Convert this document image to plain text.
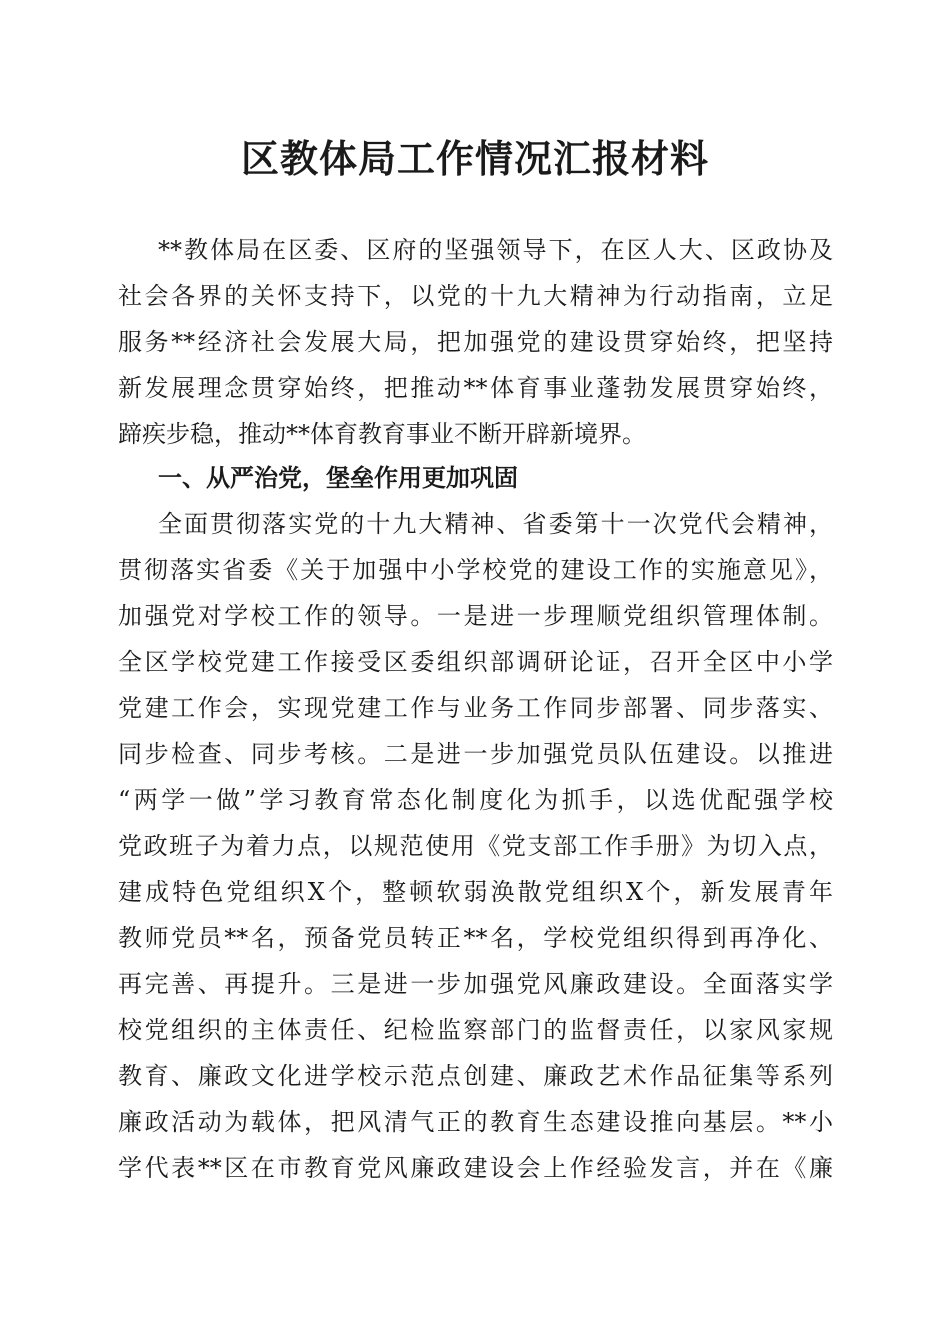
区教体局工作情况汇报材料

**教体局在区委、区府的坚强领导下，在区人大、区政协及

社会各界的关怀支持下，以党的十九大精神为行动指南，立足

服务**经济社会发展大局，把加强党的建设贯穿始终，把坚持

新发展理念贯穿始终，把推动**体育事业蓬勃发展贯穿始终，

蹄疾步稳，推动**体育教育事业不断开辟新境界。

一、从严治党，堡垒作用更加巩固

全面贯彻落实党的十九大精神、省委第十一次党代会精神，

贯彻落实省委《关于加强中小学校党的建设工作的实施意见》，

加强党对学校工作的领导。一是进一步理顺党组织管理体制。

全区学校党建工作接受区委组织部调研论证，召开全区中小学

党建工作会，实现党建工作与业务工作同步部署、同步落实、

同步检查、同步考核。二是进一步加强党员队伍建设。以推进

“两学一做”学习教育常态化制度化为抓手，以选优配强学校

党政班子为着力点，以规范使用《党支部工作手册》为切入点，

建成特色党组织X个，整顿软弱涣散党组织X个，新发展青年

教师党员**名，预备党员转正**名，学校党组织得到再净化、

再完善、再提升。三是进一步加强党风廉政建设。全面落实学

校党组织的主体责任、纪检监察部门的监督责任，以家风家规

教育、廉政文化进学校示范点创建、廉政艺术作品征集等系列

廉政活动为载体，把风清气正的教育生态建设推向基层。**小

学代表**区在市教育党风廉政建设会上作经验发言，并在《廉
